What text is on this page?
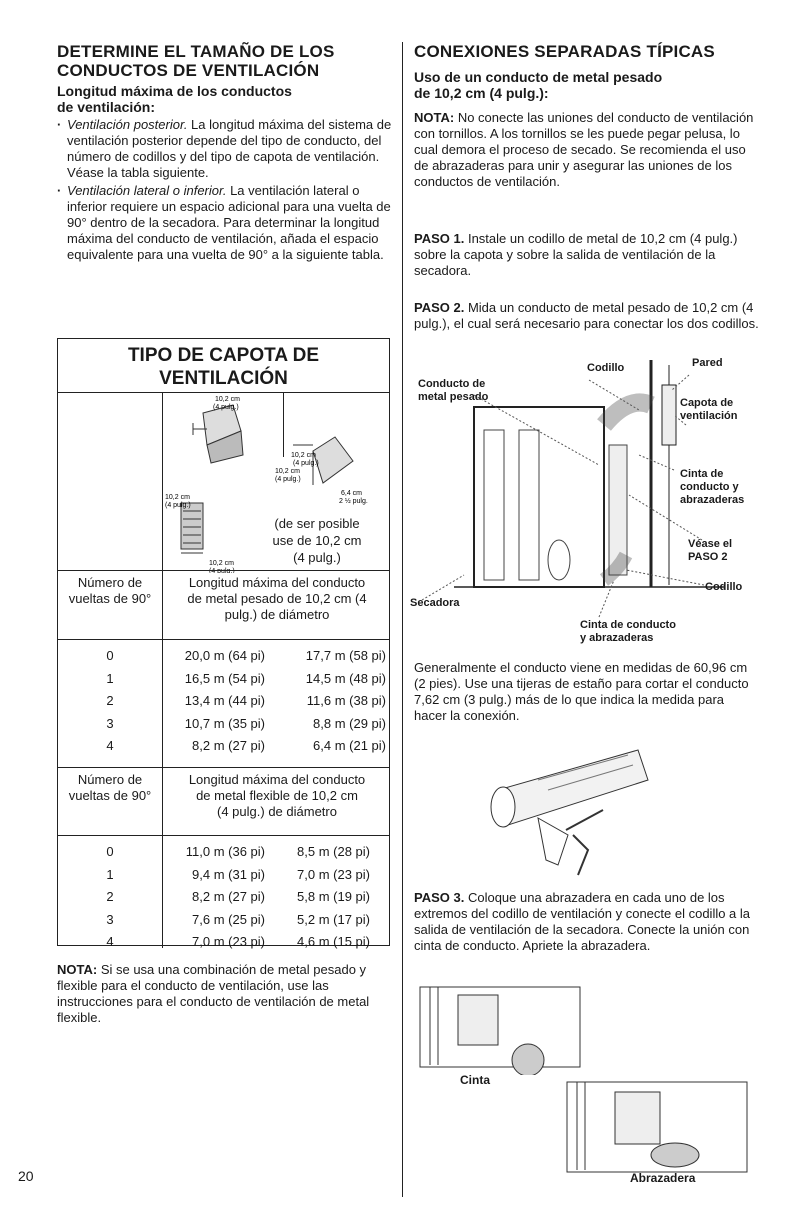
DETERMINE EL TAMAÑO DE LOS
CONDUCTOS DE VENTILACIÓN
Longitud máxima de los conductos
de ventilación:
· Ventilación posterior. La longitud máxima del sistema de ventilación posterior depende del tipo de conducto, del número de codillos y del tipo de capota de ventilación. Véase la tabla siguiente.
· Ventilación lateral o inferior. La ventilación lateral o inferior requiere un espacio adicional para una vuelta de 90° dentro de la secadora. Para determinar la longitud máxima del conducto de ventilación, añada el espacio equivalente para una vuelta de 90° a la siguiente tabla.
TIPO DE CAPOTA DE
VENTILACIÓN
10,2 cm
(4 pulg.)
10,2 cm
(4 pulg.)
10,2 cm
(4 pulg.)
10,2 cm
10,2 cm
(4 pulg.)
6,4 cm
2 ½ pulg.
(de ser posible
use de 10,2 cm
(4 pulg.)
Número de
vueltas de 90°
Longitud máxima del conducto
de metal pesado de 10,2 cm (4
pulg.) de diámetro
0	20,0 m (64 pi)	17,7 m (58 pi)
1	16,5 m (54 pi)	14,5 m (48 pi)
2	13,4 m (44 pi)	11,6 m (38 pi)
3	10,7 m (35 pi)	8,8 m (29 pi)
4	8,2 m (27 pi)	6,4 m (21 pi)
Número de
vueltas de 90°
Longitud máxima del conducto
de metal flexible de 10,2 cm
(4 pulg.) de diámetro
0	11,0 m (36 pi)	8,5 m (28 pi)
1	9,4 m (31 pi)	7,0 m (23 pi)
2	8,2 m (27 pi)	5,8 m (19 pi)
3	7,6 m (25 pi)	5,2 m (17 pi)
4	7,0 m (23 pi)	4,6 m (15 pi)

NOTA: Si se usa una combinación de metal pesado y flexible para el conducto de ventilación, use las instrucciones para el conducto de ventilación de metal flexible.

CONEXIONES SEPARADAS TÍPICAS
Uso de un conducto de metal pesado
de 10,2 cm (4 pulg.):

NOTA: No conecte las uniones del conducto de ventilación con tornillos. A los tornillos se les puede pegar pelusa, lo cual demora el proceso de secado. Se recomienda el uso de abrazaderas para unir y asegurar las uniones de los conductos de ventilación.

PASO 1. Instale un codillo de metal de 10,2 cm (4 pulg.) sobre la capota y sobre la salida de ventilación de la secadora.

PASO 2. Mida un conducto de metal pesado de 10,2 cm (4 pulg.), el cual será necesario para conectar los dos codillos.

Codillo	Pared
Conducto de
metal pesado	Capota de
ventilación
Cinta de
conducto y
abrazaderas
Véase el
PASO 2
Codillo
Secadora
Cinta de conducto
y abrazaderas

Generalmente el conducto viene en medidas de 60,96 cm (2 pies). Use una tijeras de estaño para cortar el conducto 7,62 cm (3 pulg.) más de lo que indica la medida para hacer la conexión.

PASO 3. Coloque una abrazadera en cada uno de los extremos del codillo de ventilación y conecte el codillo a la salida de ventilación de la secadora. Conecte la unión con cinta de conducto. Apriete la abrazadera.

Cinta
Abrazadera
20
